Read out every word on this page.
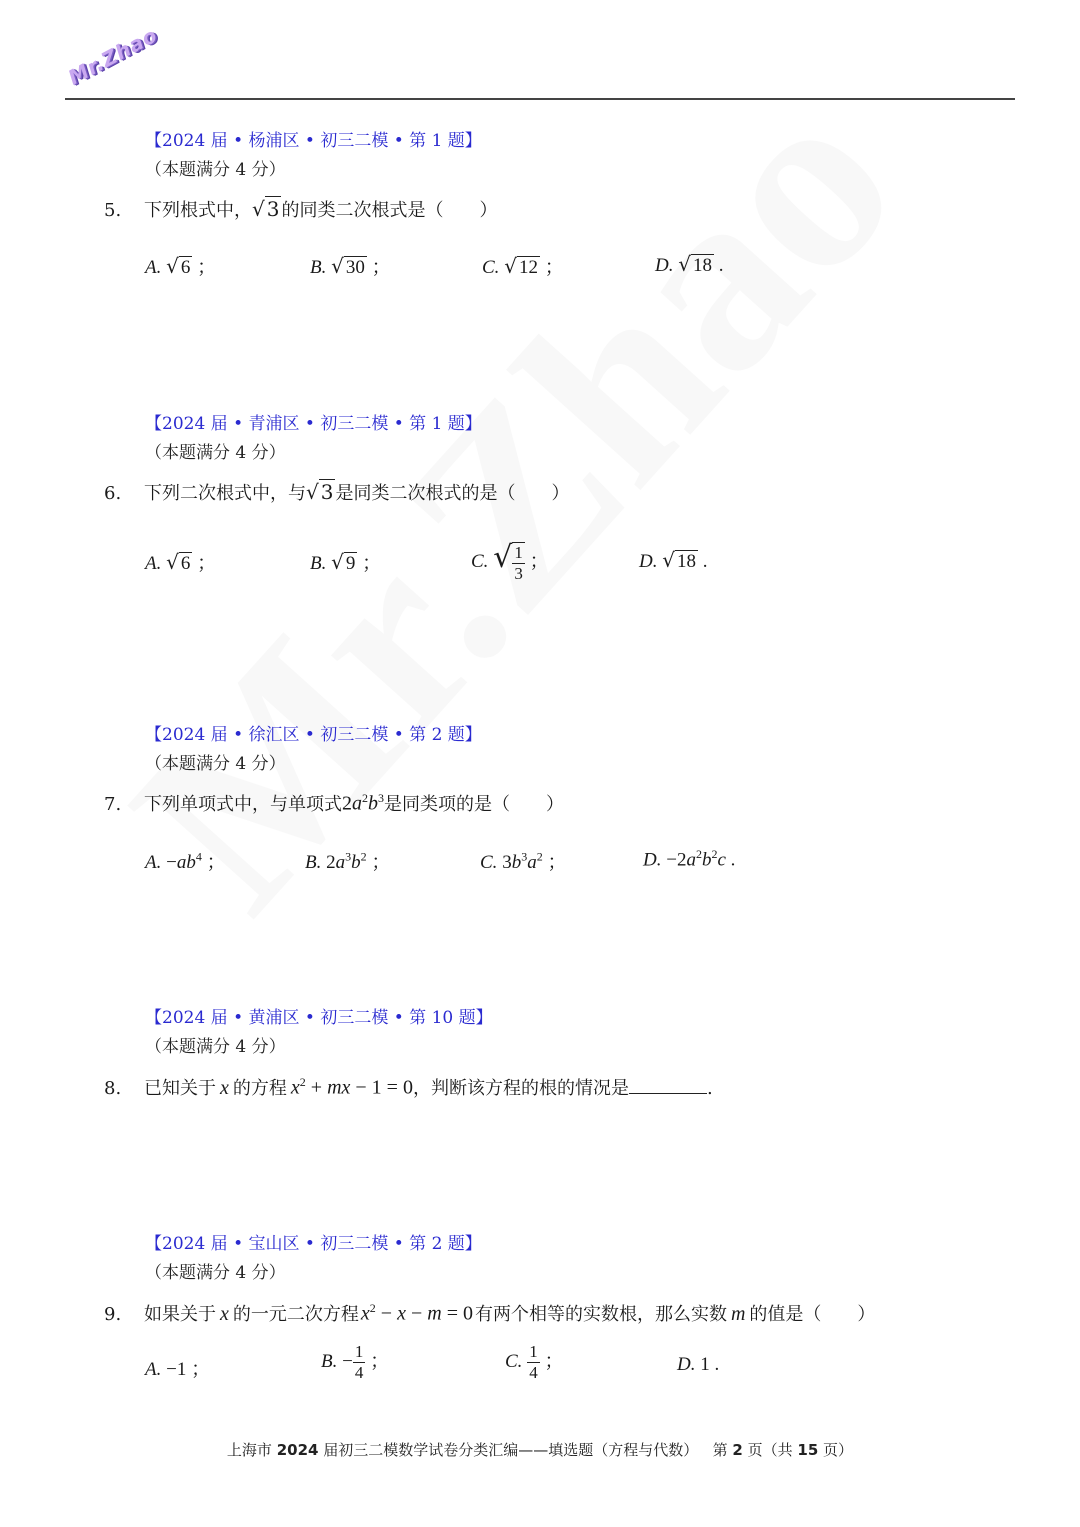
Mr.Zhao
【2024 届 • 杨浦区 • 初三二模 • 第 1 题】
（本题满分 4 分）
5.	下列根式中， √ 3 的同类二次根式是（　　）
A. √ 6 ；	B. √ 30 ；	C. √ 12 ；	D. √ 18 .
【2024 届 • 青浦区 • 初三二模 • 第 1 题】
（本题满分 4 分）
6.	下列二次根式中，与 √ 3 是同类二次根式的是（　　）
A. √ 6 ；	B. √ 9 ；	C. √ $\frac{1}{3}$ ；	D. √ 18 .
【2024 届 • 徐汇区 • 初三二模 • 第 2 题】
（本题满分 4 分）
7.	下列单项式中，与单项式 $2a^2b^3$ 是同类项的是（　　）
A. $-ab^4$ ；	B. $2a^3b^2$ ；	C. $3b^3a^2$ ；	D. $-2a^2b^2c$ .
【2024 届 • 黄浦区 • 初三二模 • 第 10 题】
（本题满分 4 分）
8.	已知关于 x 的方程 $x^2$ + mx − 1 = 0 ，判断该方程的根的情况是	.
【2024 届 • 宝山区 • 初三二模 • 第 2 题】
（本题满分 4 分）
9.	如果关于 x 的一元二次方程 $x^2 - x - m = 0$ 有两个相等的实数根，那么实数 m 的值是（　　）
A. −1 ；	B. − $\frac{1}{4}$ ；	C. $\frac{1}{4}$ ；	D. 1 .
上海市 2024 届初三二模数学试卷分类汇编——填选题（方程与代数） 第 2 页（共 15 页）
